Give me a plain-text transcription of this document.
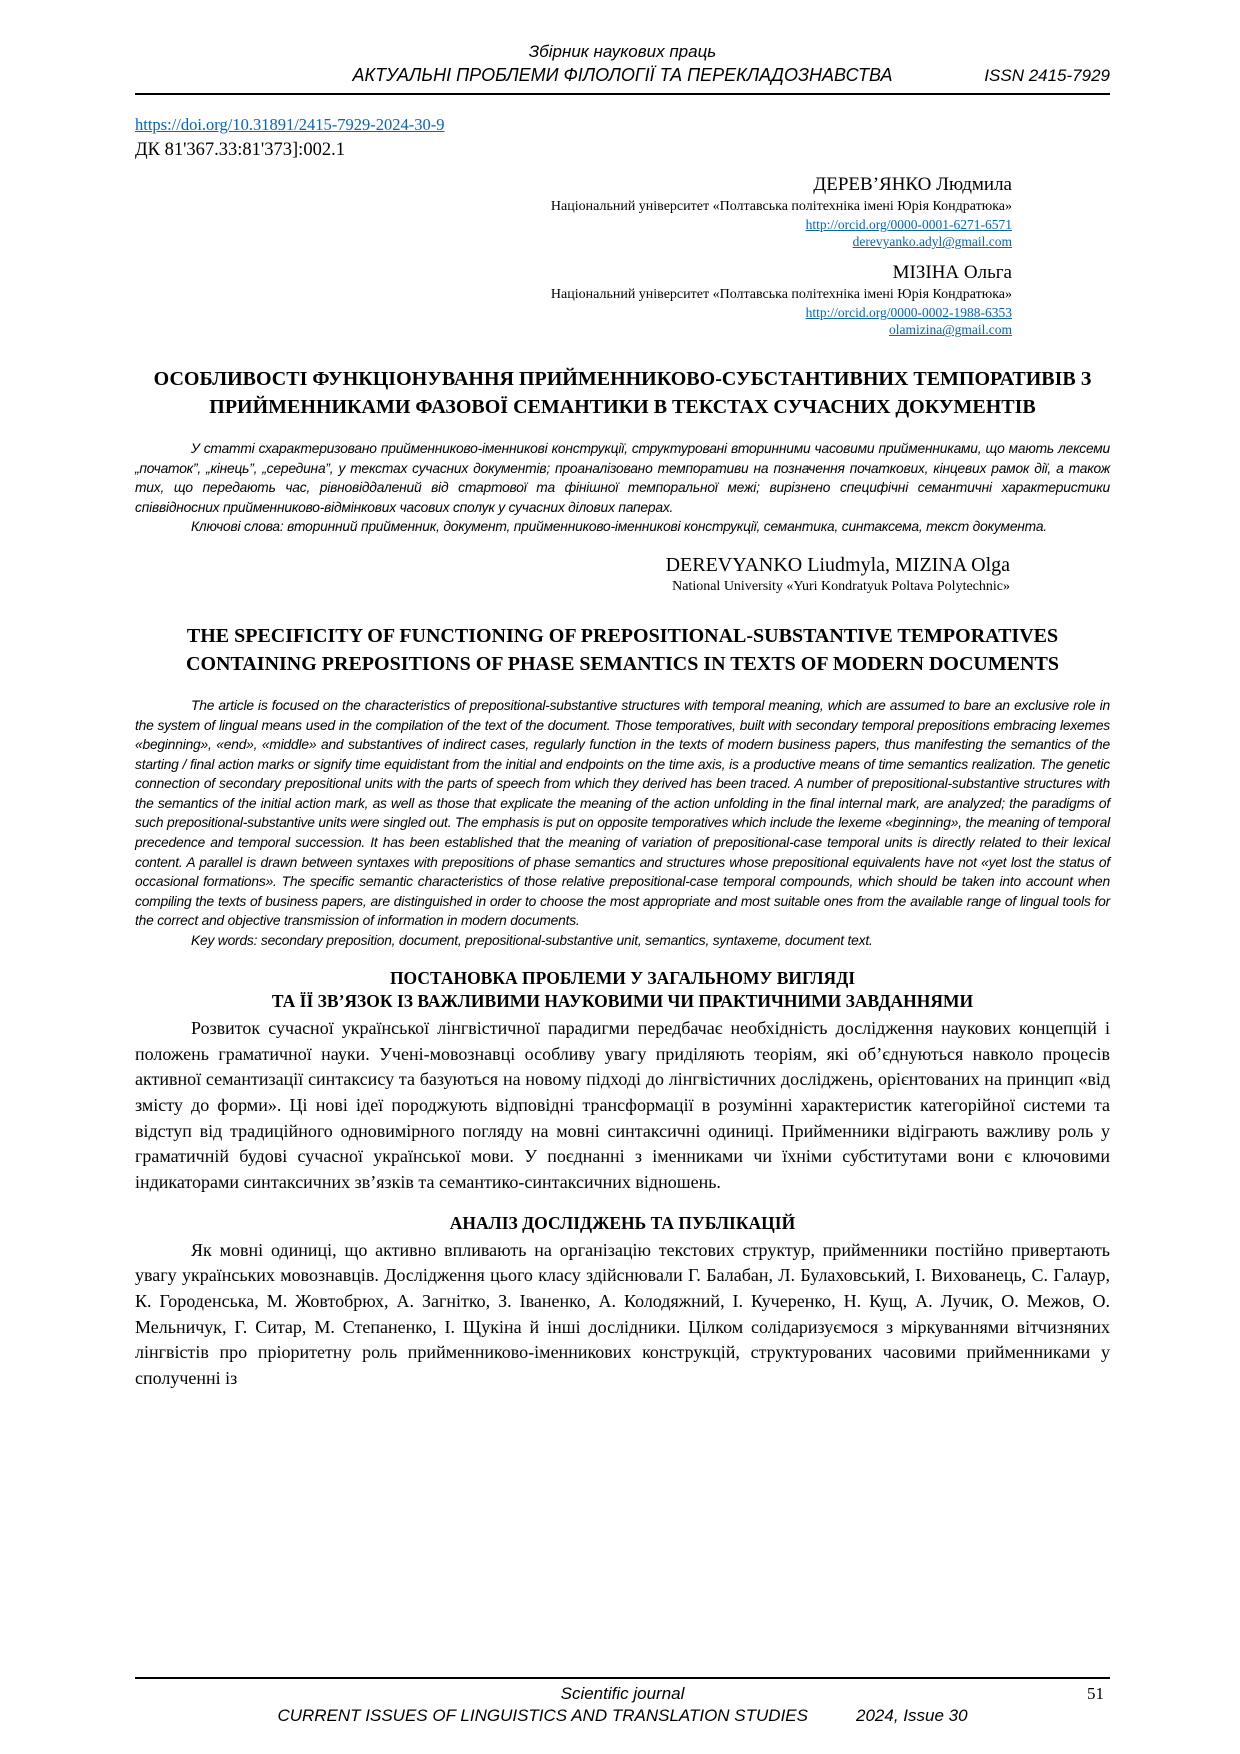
Збірник наукових праць
АКТУАЛЬНІ ПРОБЛЕМИ ФІЛОЛОГІЇ ТА ПЕРЕКЛАДОЗНАВСТВА	ISSN 2415-7929
https://doi.org/10.31891/2415-7929-2024-30-9
ДК 81'367.33:81'373]:002.1
ДЕРЕВ’ЯНКО Людмила
Національний університет «Полтавська політехніка імені Юрія Кондратюка»
http://orcid.org/0000-0001-6271-6571
derevyanko.adyl@gmail.com
МІЗІНА Ольга
Національний університет «Полтавська політехніка імені Юрія Кондратюка»
http://orcid.org/0000-0002-1988-6353
olamizina@gmail.com
ОСОБЛИВОСТІ ФУНКЦІОНУВАННЯ ПРИЙМЕННИКОВО-СУБСТАНТИВНИХ ТЕМПОРАТИВІВ З ПРИЙМЕННИКАМИ ФАЗОВОЇ СЕМАНТИКИ В ТЕКСТАХ СУЧАСНИХ ДОКУМЕНТІВ

У статті схарактеризовано прийменниково-іменникові конструкції, структуровані вторинними часовими прийменниками, що мають лексеми „початок”, „кінець”, „середина”, у текстах сучасних документів; проаналізовано темпоративи на позначення початкових, кінцевих рамок дії, а також тих, що передають час, рівновіддалений від стартової та фінішної темпоральної межі; вирізнено специфічні семантичні характеристики співвідносних прийменниково-відмінкових часових сполук у сучасних ділових паперах.

Ключові слова: вторинний прийменник, документ, прийменниково-іменникові конструкції, семантика, синтаксема, текст документа.

DEREVYANKO Liudmyla, MIZINA Olga
National University «Yuri Kondratyuk Poltava Polytechnic»
THE SPECIFICITY OF FUNCTIONING OF PREPOSITIONAL-SUBSTANTIVE TEMPORATIVES CONTAINING PREPOSITIONS OF PHASE SEMANTICS IN TEXTS OF MODERN DOCUMENTS

The article is focused on the characteristics of prepositional-substantive structures with temporal meaning, which are assumed to bare an exclusive role in the system of lingual means used in the compilation of the text of the document. Those temporatives, built with secondary temporal prepositions embracing lexemes «beginning», «end», «middle» and substantives of indirect cases, regularly function in the texts of modern business papers, thus manifesting the semantics of the starting / final action marks or signify time equidistant from the initial and endpoints on the time axis, is a productive means of time semantics realization. The genetic connection of secondary prepositional units with the parts of speech from which they derived has been traced. A number of prepositional-substantive structures with the semantics of the initial action mark, as well as those that explicate the meaning of the action unfolding in the final internal mark, are analyzed; the paradigms of such prepositional-substantive units were singled out. The emphasis is put on opposite temporatives which include the lexeme «beginning», the meaning of temporal precedence and temporal succession. It has been established that the meaning of variation of prepositional-case temporal units is directly related to their lexical content. A parallel is drawn between syntaxes with prepositions of phase semantics and structures whose prepositional equivalents have not «yet lost the status of occasional formations». The specific semantic characteristics of those relative prepositional-case temporal compounds, which should be taken into account when compiling the texts of business papers, are distinguished in order to choose the most appropriate and most suitable ones from the available range of lingual tools for the correct and objective transmission of information in modern documents.

Key words: secondary preposition, document, prepositional-substantive unit, semantics, syntaxeme, document text.

ПОСТАНОВКА ПРОБЛЕМИ У ЗАГАЛЬНОМУ ВИГЛЯДІ
ТА ЇЇ ЗВ’ЯЗОК ІЗ ВАЖЛИВИМИ НАУКОВИМИ ЧИ ПРАКТИЧНИМИ ЗАВДАННЯМИ

Розвиток сучасної української лінгвістичної парадигми передбачає необхідність дослідження наукових концепцій і положень граматичної науки. Учені-мовознавці особливу увагу приділяють теоріям, які об’єднуються навколо процесів активної семантизації синтаксису та базуються на новому підході до лінгвістичних досліджень, орієнтованих на принцип «від змісту до форми». Ці нові ідеї породжують відповідні трансформації в розумінні характеристик категорійної системи та відступ від традиційного одновимірного погляду на мовні синтаксичні одиниці. Прийменники відіграють важливу роль у граматичній будові сучасної української мови. У поєднанні з іменниками чи їхніми субститутами вони є ключовими індикаторами синтаксичних зв’язків та семантико-синтаксичних відношень.

АНАЛІЗ ДОСЛІДЖЕНЬ ТА ПУБЛІКАЦІЙ

Як мовні одиниці, що активно впливають на організацію текстових структур, прийменники постійно привертають увагу українських мовознавців. Дослідження цього класу здійснювали Г. Балабан, Л. Булаховський, І. Вихованець, С. Галаур, К. Городенська, М. Жовтобрюх, А. Загнітко, З. Іваненко, А. Колодяжний, І. Кучеренко, Н. Кущ, А. Лучик, О. Межов, О. Мельничук, Г. Ситар, М. Степаненко, І. Щукіна й інші дослідники. Цілком солідаризуємося з міркуваннями вітчизняних лінгвістів про пріоритетну роль прийменниково-іменникових конструкцій, структурованих часовими прийменниками у сполученні із

Scientific journal	51
CURRENT ISSUES OF LINGUISTICS AND TRANSLATION STUDIES	2024, Issue 30
